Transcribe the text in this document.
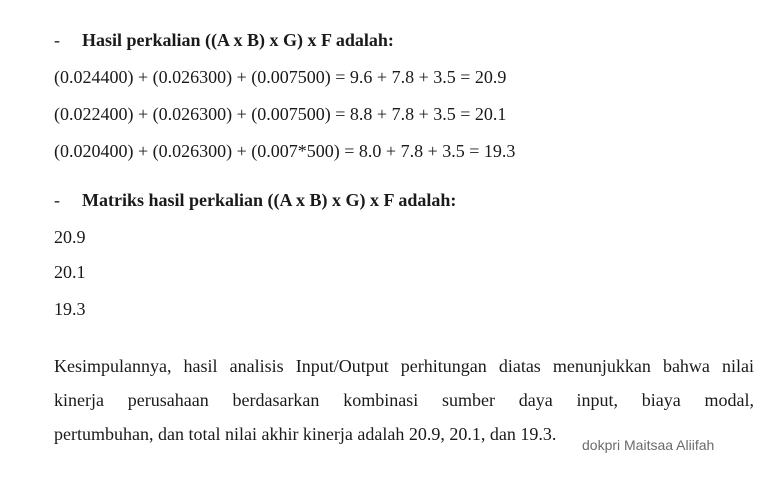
- Hasil perkalian ((A x B) x G) x F adalah:
(0.024400) + (0.026300) + (0.007500) = 9.6 + 7.8 + 3.5 = 20.9
(0.022400) + (0.026300) + (0.007500) = 8.8 + 7.8 + 3.5 = 20.1
(0.020400) + (0.026300) + (0.007*500) = 8.0 + 7.8 + 3.5 = 19.3
- Matriks hasil perkalian ((A x B) x G) x F adalah:
20.9
20.1
19.3
Kesimpulannya, hasil analisis Input/Output perhitungan diatas menunjukkan bahwa nilai
kinerja perusahaan berdasarkan kombinasi sumber daya input, biaya modal,
pertumbuhan, dan total nilai akhir kinerja adalah 20.9, 20.1, dan 19.3.
dokpri Maitsaa Aliifah
